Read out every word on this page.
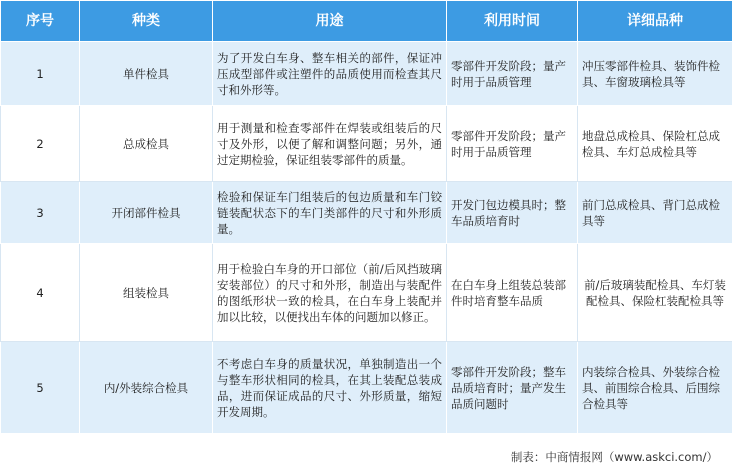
序号	种类	用途	利用时间	详细品种
1	单件检具	为了开发白车身、整车相关的部件，保证冲压成型部件或注塑件的品质使用而检查其尺寸和外形等。	零部件开发阶段；量产时用于品质管理	冲压零部件检具、装饰件检具、车窗玻璃检具等
2	总成检具	用于测量和检查零部件在焊装或组装后的尺寸及外形，以便了解和调整问题；另外，通过定期检验，保证组装零部件的质量。	零部件开发阶段；量产时用于品质管理	地盘总成检具、保险杠总成检具、车灯总成检具等
3	开闭部件检具	检验和保证车门组装后的包边质量和车门铰链装配状态下的车门类部件的尺寸和外形质量。	开发门包边模具时；整车品质培育时	前门总成检具、背门总成检具等
4	组装检具	用于检验白车身的开口部位（前/后风挡玻璃安装部位）的尺寸和外形，制造出与装配件的图纸形状一致的检具，在白车身上装配并加以比较，以便找出车体的问题加以修正。	在白车身上组装总装部件时培育整车品质	前/后玻璃装配检具、车灯装配检具、保险杠装配检具等
5	内/外装综合检具	不考虑白车身的质量状况，单独制造出一个与整车形状相同的检具，在其上装配总装成品，进而保证成品的尺寸、外形质量，缩短开发周期。	零部件开发阶段；整车品质培育时；量产发生品质问题时	内装综合检具、外装综合检具、前围综合检具、后围综合检具等
制表：中商情报网（www.askci.com/）
